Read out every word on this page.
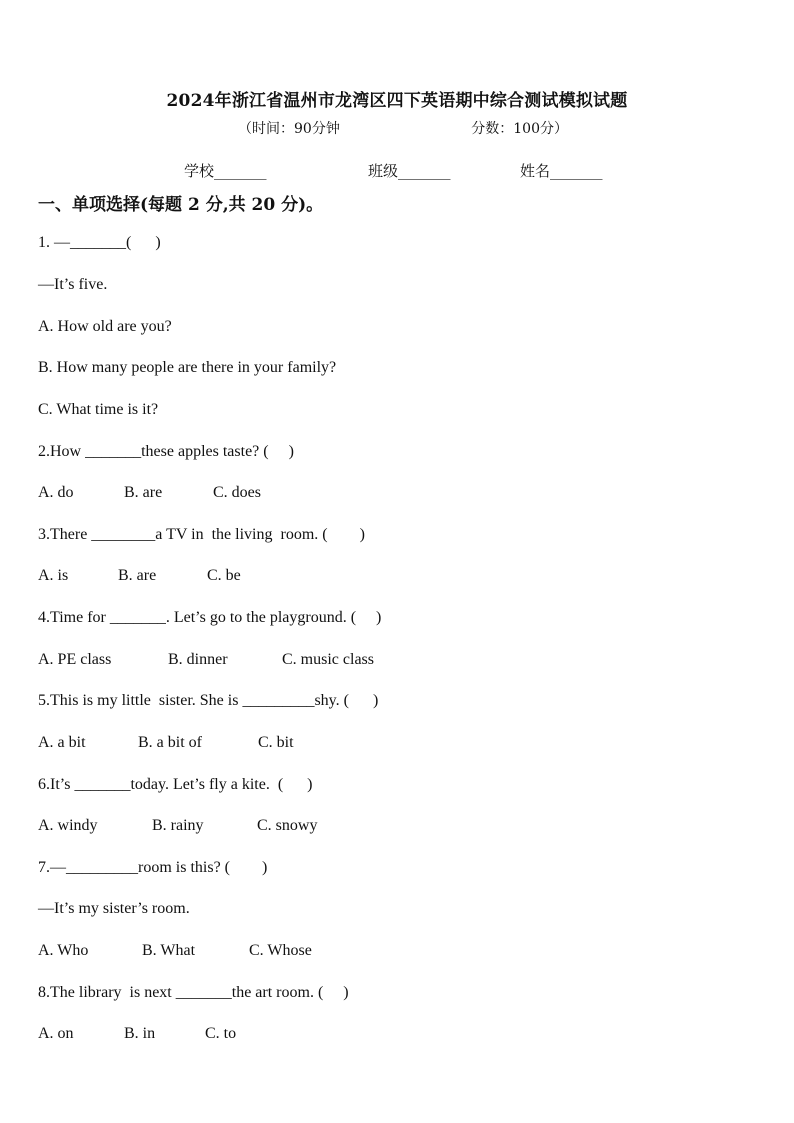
2024年浙江省温州市龙湾区四下英语期中综合测试模拟试题
（时间：90分钟	分数：100分）
学校_______	班级_______	姓名_______
一、单项选择(每题 2 分,共 20 分)。
1. —_______(      )
—It’s five.
A. How old are you?
B. How many people are there in your family?
C. What time is it?
2.How _______these apples taste? (     )
A. do	B. are	C. does
3.There ________a TV in  the living  room. (        )
A. is	B. are	C. be
4.Time for _______. Let’s go to the playground. (     )
A. PE class	B. dinner	C. music class
5.This is my little  sister. She is _________shy. (      )
A. a bit	B. a bit of	C. bit
6.It’s _______today. Let’s fly a kite.  (      )
A. windy	B. rainy	C. snowy
7.—_________room is this? (        )
—It’s my sister’s room.
A. Who	B. What	C. Whose
8.The library  is next _______the art room. (     )
A. on	B. in	C. to
